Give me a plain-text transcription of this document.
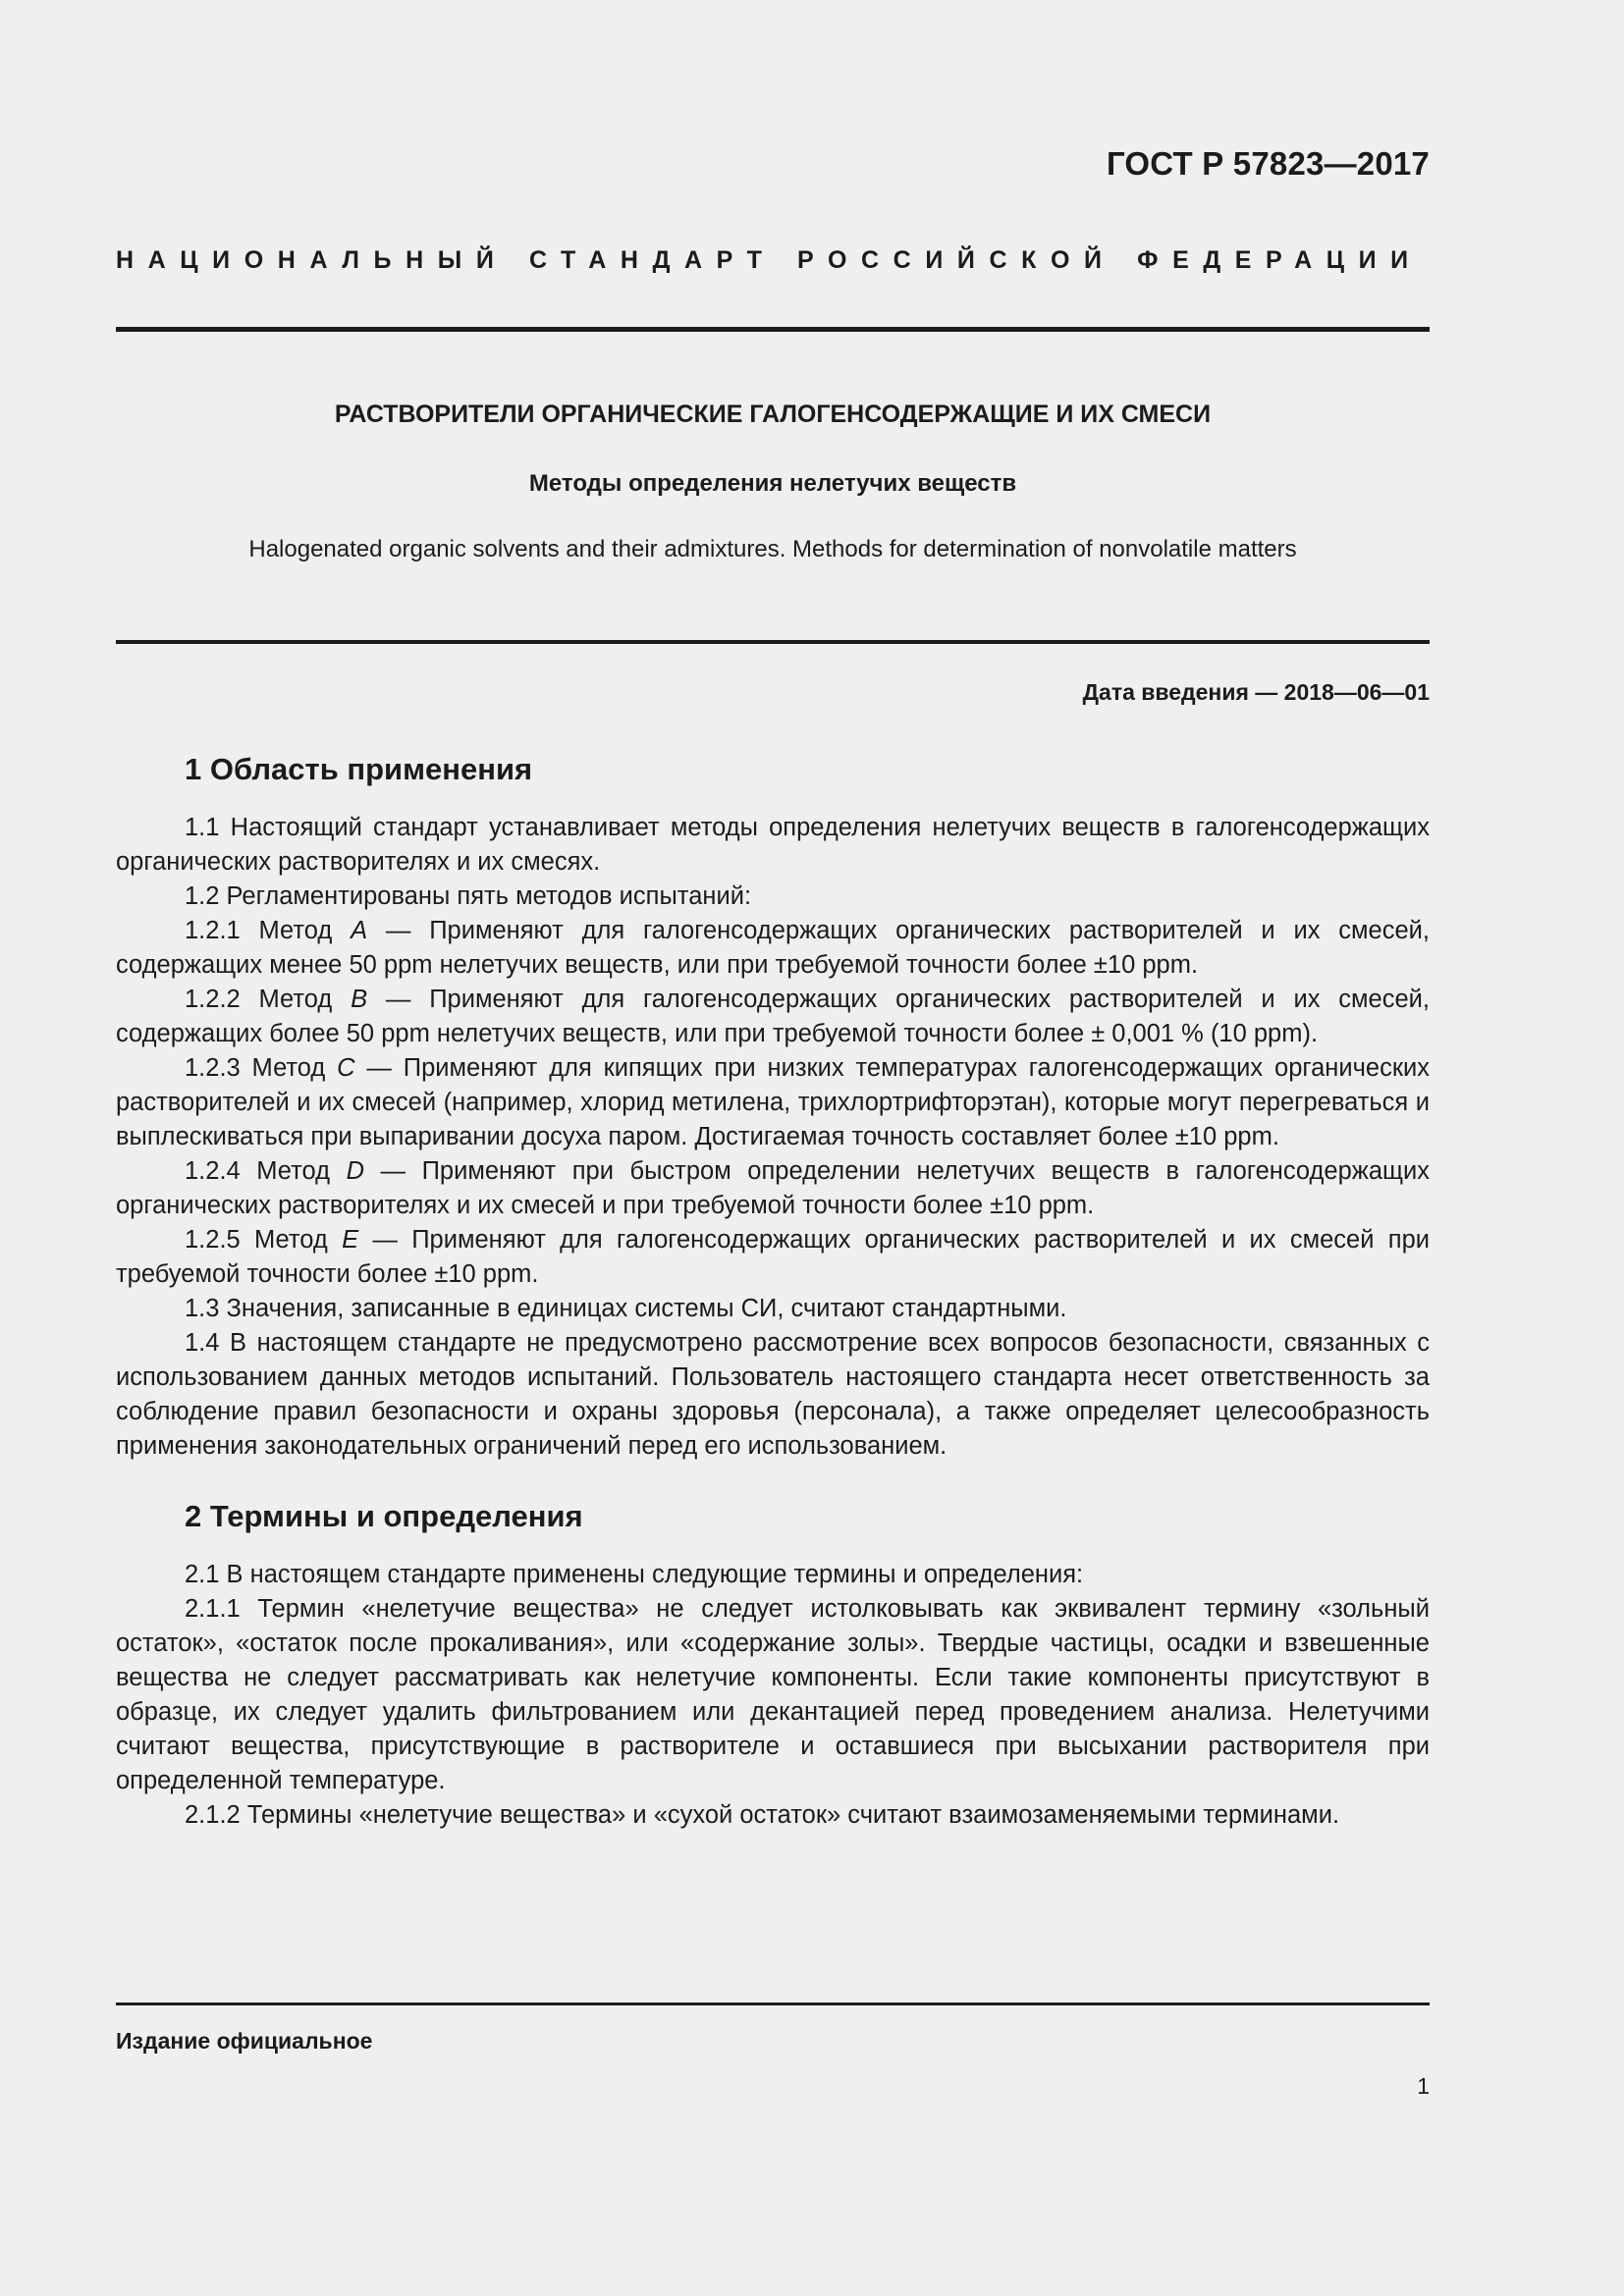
ГОСТ Р 57823—2017
НАЦИОНАЛЬНЫЙ СТАНДАРТ РОССИЙСКОЙ ФЕДЕРАЦИИ
РАСТВОРИТЕЛИ ОРГАНИЧЕСКИЕ ГАЛОГЕНСОДЕРЖАЩИЕ И ИХ СМЕСИ
Методы определения нелетучих веществ
Halogenated organic solvents and their admixtures. Methods for determination of nonvolatile matters
Дата введения — 2018—06—01
1 Область применения

1.1 Настоящий стандарт устанавливает методы определения нелетучих веществ в галогенсодержащих органических растворителях и их смесях.

1.2 Регламентированы пять методов испытаний:

1.2.1 Метод A — Применяют для галогенсодержащих органических растворителей и их смесей, содержащих менее 50 ppm нелетучих веществ, или при требуемой точности более ±10 ppm.

1.2.2 Метод B — Применяют для галогенсодержащих органических растворителей и их смесей, содержащих более 50 ppm нелетучих веществ, или при требуемой точности более ± 0,001 % (10 ppm).

1.2.3 Метод C — Применяют для кипящих при низких температурах галогенсодержащих органических растворителей и их смесей (например, хлорид метилена, трихлортрифторэтан), которые могут перегреваться и выплескиваться при выпаривании досуха паром. Достигаемая точность составляет более ±10 ppm.

1.2.4 Метод D — Применяют при быстром определении нелетучих веществ в галогенсодержащих органических растворителях и их смесей и при требуемой точности более ±10 ppm.

1.2.5 Метод E — Применяют для галогенсодержащих органических растворителей и их смесей при требуемой точности более ±10 ppm.

1.3 Значения, записанные в единицах системы СИ, считают стандартными.

1.4 В настоящем стандарте не предусмотрено рассмотрение всех вопросов безопасности, связанных с использованием данных методов испытаний. Пользователь настоящего стандарта несет ответственность за соблюдение правил безопасности и охраны здоровья (персонала), а также определяет целесообразность применения законодательных ограничений перед его использованием.

2 Термины и определения

2.1 В настоящем стандарте применены следующие термины и определения:

2.1.1 Термин «нелетучие вещества» не следует истолковывать как эквивалент термину «зольный остаток», «остаток после прокаливания», или «содержание золы». Твердые частицы, осадки и взвешенные вещества не следует рассматривать как нелетучие компоненты. Если такие компоненты присутствуют в образце, их следует удалить фильтрованием или декантацией перед проведением анализа. Нелетучими считают вещества, присутствующие в растворителе и оставшиеся при высыхании растворителя при определенной температуре.

2.1.2 Термины «нелетучие вещества» и «сухой остаток» считают взаимозаменяемыми терминами.

Издание официальное
1
